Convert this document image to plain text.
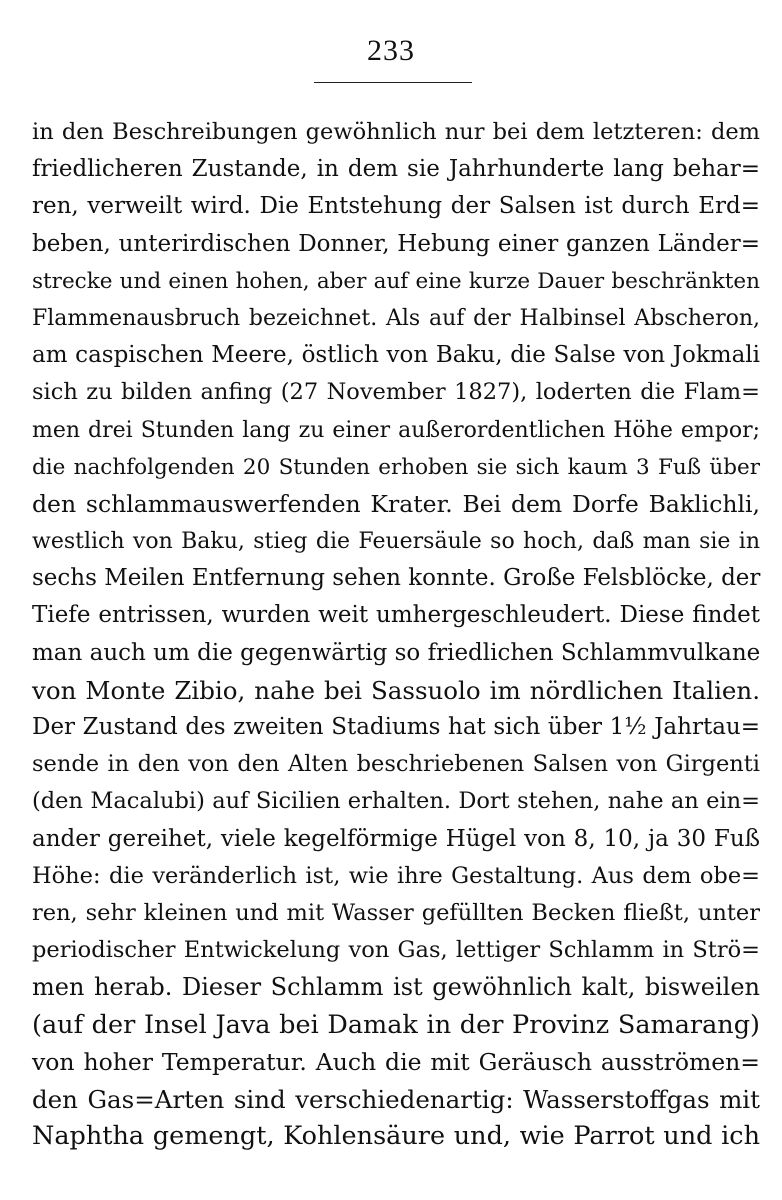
233
in den Beschreibungen gewöhnlich nur bei dem letzteren: dem
friedlicheren Zustande, in dem sie Jahrhunderte lang behar=
ren, verweilt wird. Die Entstehung der Salsen ist durch Erd=
beben, unterirdischen Donner, Hebung einer ganzen Länder=
strecke und einen hohen, aber auf eine kurze Dauer beschränkten
Flammenausbruch bezeichnet. Als auf der Halbinsel Abscheron,
am caspischen Meere, östlich von Baku, die Salse von Jokmali
sich zu bilden anfing (27 November 1827), loderten die Flam=
men drei Stunden lang zu einer außerordentlichen Höhe empor;
die nachfolgenden 20 Stunden erhoben sie sich kaum 3 Fuß über
den schlammauswerfenden Krater. Bei dem Dorfe Baklichli,
westlich von Baku, stieg die Feuersäule so hoch, daß man sie in
sechs Meilen Entfernung sehen konnte. Große Felsblöcke, der
Tiefe entrissen, wurden weit umhergeschleudert. Diese findet
man auch um die gegenwärtig so friedlichen Schlammvulkane
von Monte Zibio, nahe bei Sassuolo im nördlichen Italien.
Der Zustand des zweiten Stadiums hat sich über 1½ Jahrtau=
sende in den von den Alten beschriebenen Salsen von Girgenti
(den Macalubi) auf Sicilien erhalten. Dort stehen, nahe an ein=
ander gereihet, viele kegelförmige Hügel von 8, 10, ja 30 Fuß
Höhe: die veränderlich ist, wie ihre Gestaltung. Aus dem obe=
ren, sehr kleinen und mit Wasser gefüllten Becken fließt, unter
periodischer Entwickelung von Gas, lettiger Schlamm in Strö=
men herab. Dieser Schlamm ist gewöhnlich kalt, bisweilen
(auf der Insel Java bei Damak in der Provinz Samarang)
von hoher Temperatur. Auch die mit Geräusch ausströmen=
den Gas=Arten sind verschiedenartig: Wasserstoffgas mit
Naphtha gemengt, Kohlensäure und, wie Parrot und ich
